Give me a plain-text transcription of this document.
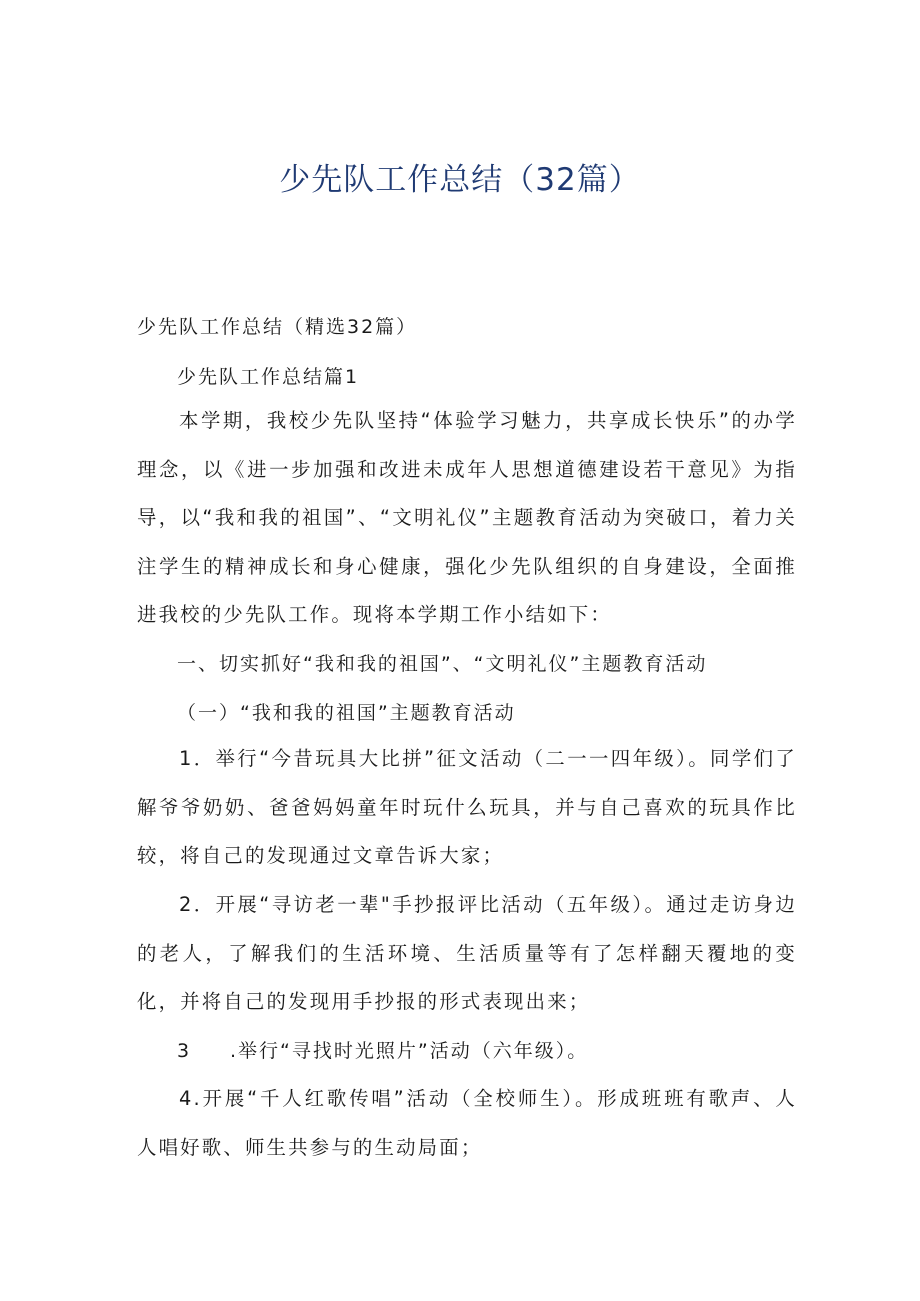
少先队工作总结（32篇）
少先队工作总结（精选32篇）
少先队工作总结篇1
本学期，我校少先队坚持“体验学习魅力，共享成长快乐”的办学理念，以《进一步加强和改进未成年人思想道德建设若干意见》为指导，以“我和我的祖国”、“文明礼仪”主题教育活动为突破口，着力关注学生的精神成长和身心健康，强化少先队组织的自身建设，全面推进我校的少先队工作。现将本学期工作小结如下：
一、切实抓好“我和我的祖国”、“文明礼仪”主题教育活动
（一）“我和我的祖国”主题教育活动
1．举行“今昔玩具大比拼”征文活动（二一一四年级）。同学们了解爷爷奶奶、爸爸妈妈童年时玩什么玩具，并与自己喜欢的玩具作比较，将自己的发现通过文章告诉大家；
2．开展“寻访老一辈"手抄报评比活动（五年级）。通过走访身边的老人，了解我们的生活环境、生活质量等有了怎样翻天覆地的变化，并将自己的发现用手抄报的形式表现出来；
3 .举行“寻找时光照片”活动（六年级）。
4.开展“千人红歌传唱”活动（全校师生）。形成班班有歌声、人人唱好歌、师生共参与的生动局面；
